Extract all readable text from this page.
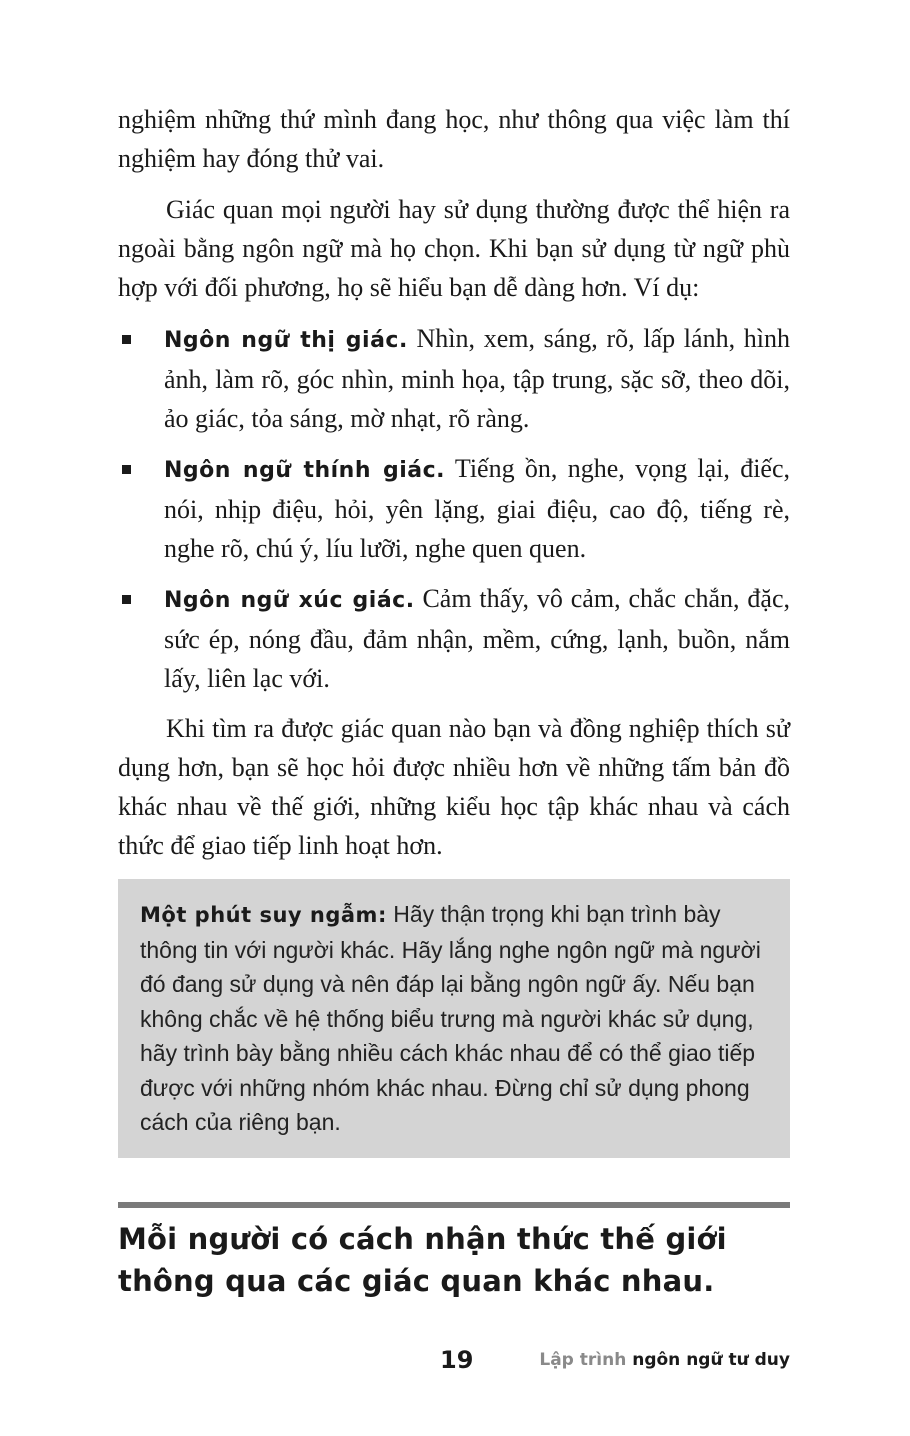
nghiệm những thứ mình đang học, như thông qua việc làm thí nghiệm hay đóng thử vai.

Giác quan mọi người hay sử dụng thường được thể hiện ra ngoài bằng ngôn ngữ mà họ chọn. Khi bạn sử dụng từ ngữ phù hợp với đối phương, họ sẽ hiểu bạn dễ dàng hơn. Ví dụ:

Ngôn ngữ thị giác. Nhìn, xem, sáng, rõ, lấp lánh, hình ảnh, làm rõ, góc nhìn, minh họa, tập trung, sặc sỡ, theo dõi, ảo giác, tỏa sáng, mờ nhạt, rõ ràng.
Ngôn ngữ thính giác. Tiếng ồn, nghe, vọng lại, điếc, nói, nhịp điệu, hỏi, yên lặng, giai điệu, cao độ, tiếng rè, nghe rõ, chú ý, líu lưỡi, nghe quen quen.
Ngôn ngữ xúc giác. Cảm thấy, vô cảm, chắc chắn, đặc, sức ép, nóng đầu, đảm nhận, mềm, cứng, lạnh, buồn, nắm lấy, liên lạc với.

Khi tìm ra được giác quan nào bạn và đồng nghiệp thích sử dụng hơn, bạn sẽ học hỏi được nhiều hơn về những tấm bản đồ khác nhau về thế giới, những kiểu học tập khác nhau và cách thức để giao tiếp linh hoạt hơn.

Một phút suy ngẫm: Hãy thận trọng khi bạn trình bày thông tin với người khác. Hãy lắng nghe ngôn ngữ mà người đó đang sử dụng và nên đáp lại bằng ngôn ngữ ấy. Nếu bạn không chắc về hệ thống biểu trưng mà người khác sử dụng, hãy trình bày bằng nhiều cách khác nhau để có thể giao tiếp được với những nhóm khác nhau. Đừng chỉ sử dụng phong cách của riêng bạn.

Mỗi người có cách nhận thức thế giới thông qua các giác quan khác nhau.

19	Lập trình ngôn ngữ tư duy
